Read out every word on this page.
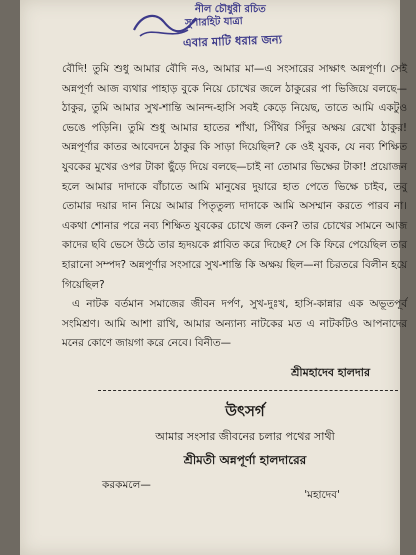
নীল চৌধুরী রচিত
সুপারহিট যাত্রা
এবার মাটি ধরার জন্য

বৌদি! তুমি শুধু আমার বৌদি নও, আমার মা—এ সংসারের সাক্ষাৎ অন্নপূর্ণা। সেই অন্নপূর্ণা আজ ব্যথার পাহাড় বুকে নিয়ে চোখের জলে ঠাকুরের পা ভিজিয়ে বলছে—ঠাকুর, তুমি আমার সুখ-শান্তি আনন্দ-হাসি সবই কেড়ে নিয়েছ, তাতে আমি একটুও ভেঙে পড়িনি। তুমি শুধু আমার হাতের শাঁখা, সিঁথির সিঁদুর অক্ষয় রেখো ঠাকুর! অন্নপূর্ণার কাতর আবেদনে ঠাকুর কি সাড়া দিয়েছিল? কে ওই যুবক, যে নব্য শিক্ষিত যুবকের মুখের ওপর টাকা ছুঁড়ে দিয়ে বলছে—চাই না তোমার ভিক্ষের টাকা! প্রয়োজন হলে আমার দাদাকে বাঁচাতে আমি মানুষের দুয়ারে হাত পেতে ভিক্ষে চাইব, তবু তোমার দয়ার দান নিয়ে আমার পিতৃতুল্য দাদাকে আমি অসম্মান করতে পারব না। একথা শোনার পরে নব্য শিক্ষিত যুবকের চোখে জল কেন? তার চোখের সামনে আজ কাদের ছবি ভেসে উঠে তার হৃদয়কে প্লাবিত করে দিচ্ছে? সে কি ফিরে পেয়েছিল তার হারানো সম্পদ? অন্নপূর্ণার সংসারে সুখ-শান্তি কি অক্ষয় ছিল—না চিরতরে বিলীন হয়ে গিয়েছিল?

এ নাটক বর্তমান সমাজের জীবন দর্পণ, সুখ-দুঃখ, হাসি-কান্নার এক অভূতপূর্ব সংমিশ্রণ। আমি আশা রাখি, আমার অন্যান্য নাটকের মত এ নাটকটিও আপনাদের মনের কোণে জায়গা করে নেবে। বিনীত—

শ্রীমহাদেব হালদার
উৎসর্গ
আমার সংসার জীবনের চলার পথের সাথী
শ্রীমতী অন্নপূর্ণা হালদারের
করকমলে—
'মহাদেব'
